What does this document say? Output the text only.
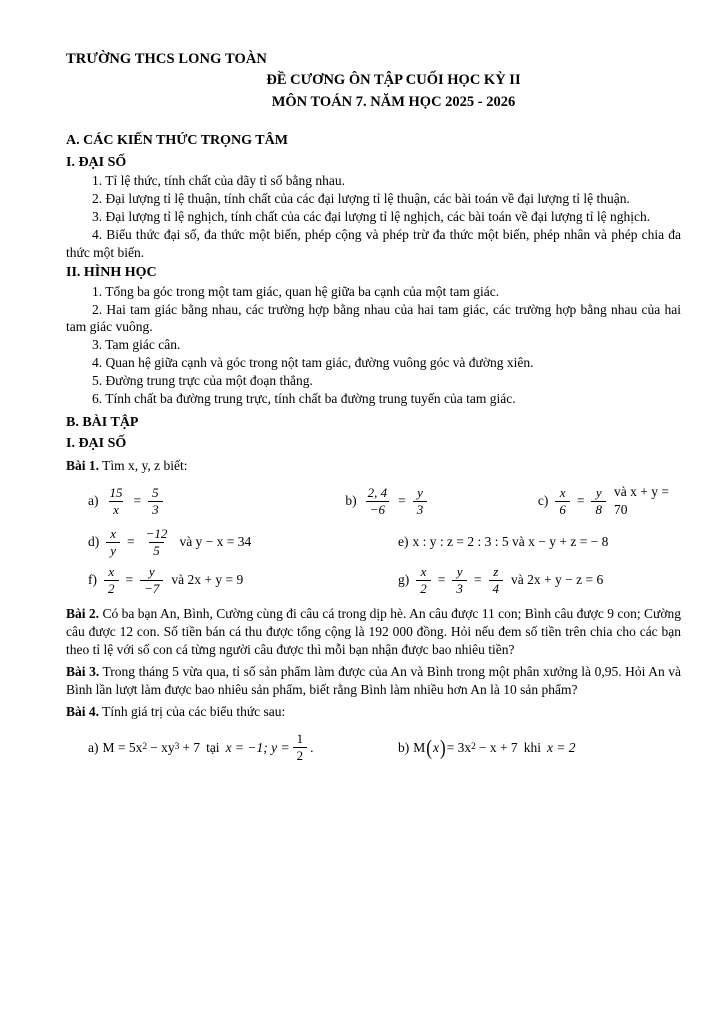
TRƯỜNG THCS LONG TOÀN
ĐỀ CƯƠNG ÔN TẬP CUỐI HỌC KỲ II
MÔN TOÁN 7. NĂM HỌC 2025 - 2026
A. CÁC KIẾN THỨC TRỌNG TÂM
I. ĐẠI SỐ

1. Tỉ lệ thức, tính chất của dãy tỉ số bằng nhau.

2. Đại lượng tỉ lệ thuận, tính chất của các đại lượng tỉ lệ thuận, các bài toán về đại lượng tỉ lệ thuận.

3. Đại lượng tỉ lệ nghịch, tính chất của các đại lượng tỉ lệ nghịch, các bài toán về đại lượng tỉ lệ nghịch.

4. Biểu thức đại số, đa thức một biến, phép cộng và phép trừ đa thức một biến, phép nhân và phép chia đa thức một biến.

II. HÌNH HỌC

1. Tổng ba góc trong một tam giác, quan hệ giữa ba cạnh của một tam giác.

2. Hai tam giác bằng nhau, các trường hợp bằng nhau của hai tam giác, các trường hợp bằng nhau của hai tam giác vuông.

3. Tam giác cân.

4. Quan hệ giữa cạnh và góc trong nột tam giác, đường vuông góc và đường xiên.

5. Đường trung trực của một đoạn thẳng.

6. Tính chất ba đường trung trực, tính chất ba đường trung tuyến của tam giác.

B. BÀI TẬP
I. ĐẠI SỐ
Bài 1. Tìm x, y, z biết:
$a) \frac{15}{x} = \frac{5}{3}$	$b) \frac{2, 4}{-6} = \frac{y}{3}$	$c) \frac{x}{6} = \frac{y}{8}$ và x + y = 70
$d) \frac{x}{y} = \frac{-12}{5}$ và y − x = 34	e) x : y : z = 2 : 3 : 5 và x − y + z = − 8
$f) \frac{x}{2} = \frac{y}{-7}$ và 2x + y = 9	$g) \frac{x}{2} = \frac{y}{3} = \frac{z}{4}$ và 2x + y − z = 6
Bài 2. Có ba bạn An, Bình, Cường cùng đi câu cá trong dịp hè. An câu được 11 con; Bình câu được 9 con; Cường câu được 12 con. Số tiền bán cá thu được tổng cộng là 192 000 đồng. Hỏi nếu đem số tiền trên chia cho các bạn theo tỉ lệ với số con cá từng người câu được thì mỗi bạn nhận được bao nhiêu tiền?
Bài 3. Trong tháng 5 vừa qua, tỉ số sản phẩm làm được của An và Bình trong một phân xưởng là 0,95. Hỏi An và Bình lần lượt làm được bao nhiêu sản phẩm, biết rằng Bình làm nhiều hơn An là 10 sản phẩm?
Bài 4. Tính giá trị của các biểu thức sau:
a) M = 5x 2 − xy 3 + 7 tại x = −1; $y = \frac{1}{2}$ .	b) M ( x ) = 3x 2 − x + 7 khi x = 2
